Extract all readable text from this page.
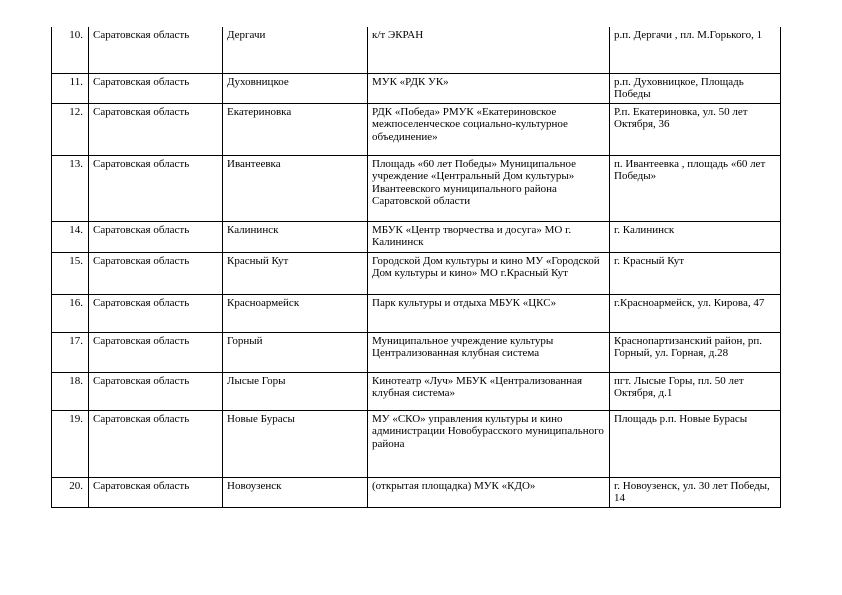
10.	Саратовская область	Дергачи	к/т ЭКРАН	р.п. Дергачи , пл. М.Горького, 1
11.	Саратовская область	Духовницкое	МУК «РДК УК»	р.п. Духовницкое, Площадь Победы
12.	Саратовская область	Екатериновка	РДК «Победа» РМУК «Екатериновское межпоселенческое социально-культурное объединение»	Р.п. Екатериновка, ул. 50 лет Октября, 36
13.	Саратовская область	Ивантеевка	Площадь «60 лет Победы» Муниципальное учреждение «Центральный Дом культуры» Ивантеевского муниципального района Саратовской области	п. Ивантеевка , площадь «60 лет Победы»
14.	Саратовская область	Калининск	МБУК «Центр творчества и досуга» МО г. Калининск	г. Калининск
15.	Саратовская область	Красный Кут	Городской Дом культуры и кино МУ «Городской Дом культуры и кино» МО г.Красный Кут	г. Красный Кут
16.	Саратовская область	Красноармейск	Парк культуры и отдыха МБУК «ЦКС»	г.Красноармейск, ул. Кирова, 47
17.	Саратовская область	Горный	Муниципальное учреждение культуры Централизованная клубная система	Краснопартизанский район, рп. Горный, ул. Горная, д.28
18.	Саратовская область	Лысые Горы	Кинотеатр «Луч» МБУК «Централизованная клубная система»	пгт. Лысые Горы, пл. 50 лет Октября, д.1
19.	Саратовская область	Новые Бурасы	МУ «СКО» управления культуры и кино администрации Новобурасского муниципального района	Площадь р.п. Новые Бурасы
20.	Саратовская область	Новоузенск	(открытая площадка) МУК «КДО»	г. Новоузенск, ул. 30 лет Победы, 14
